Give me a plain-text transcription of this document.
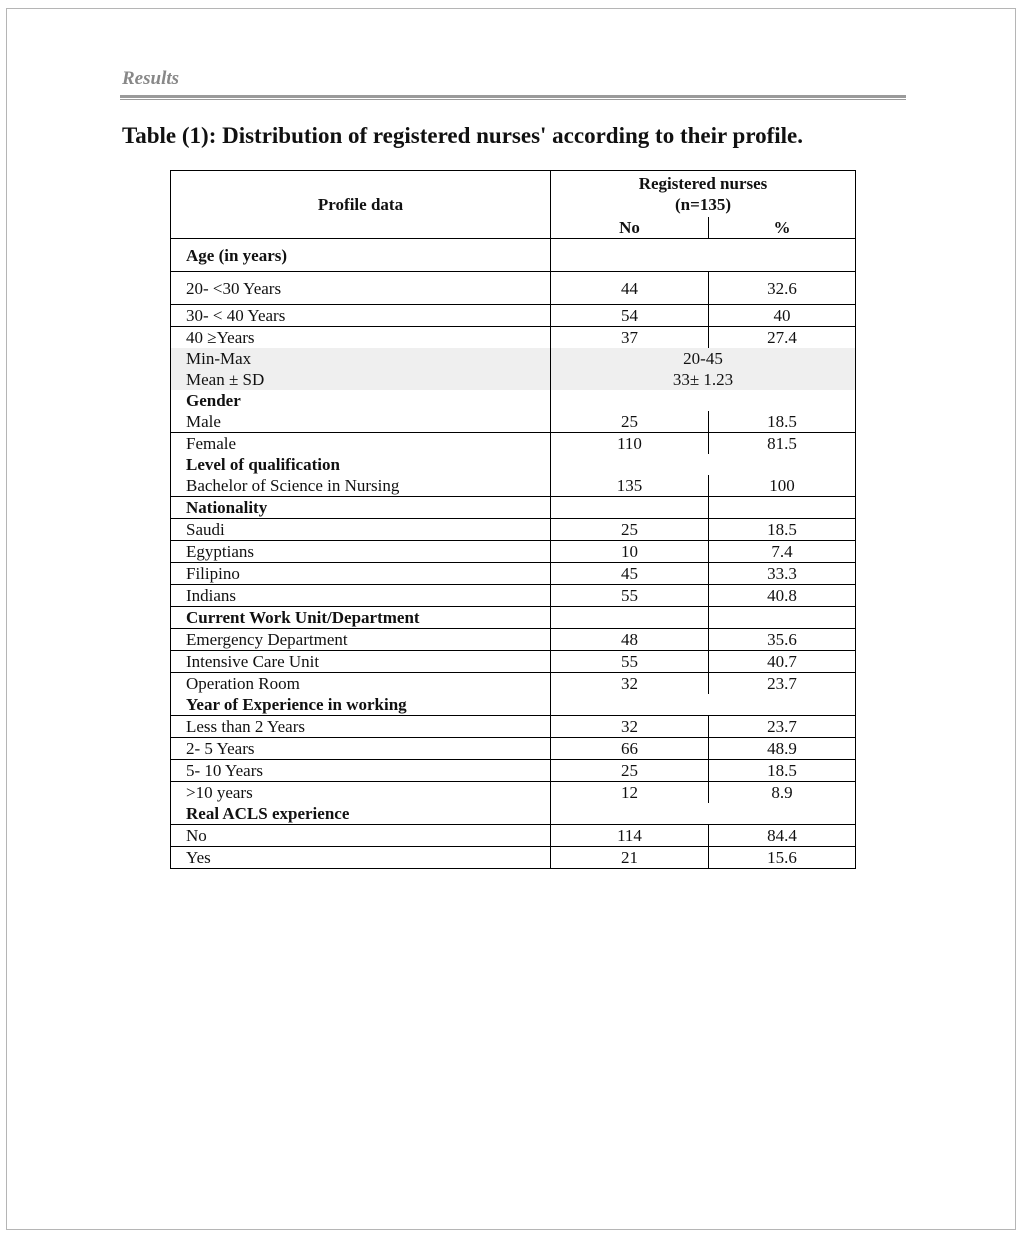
Results
Table (1): Distribution of registered nurses' according to their profile.
Profile data	Registered nurses
(n=135)	

	No	%
Age (in years)		
20- <30 Years	44	32.6
30- < 40 Years	54	40
40 ≥Years	37	27.4
Min-Max	20-45	
Mean ± SD	33± 1.23	
Gender		
Male	25	18.5
Female	110	81.5
Level of qualification		
Bachelor of Science in Nursing	135	100
Nationality		
Saudi	25	18.5
Egyptians	10	7.4
Filipino	45	33.3
Indians	55	40.8
Current Work Unit/Department		
Emergency Department	48	35.6
Intensive Care Unit	55	40.7
Operation Room	32	23.7
Year of Experience in working		
Less than 2 Years	32	23.7
2- 5 Years	66	48.9
5- 10 Years	25	18.5
>10 years	12	8.9
Real ACLS experience		
No	114	84.4
Yes	21	15.6
